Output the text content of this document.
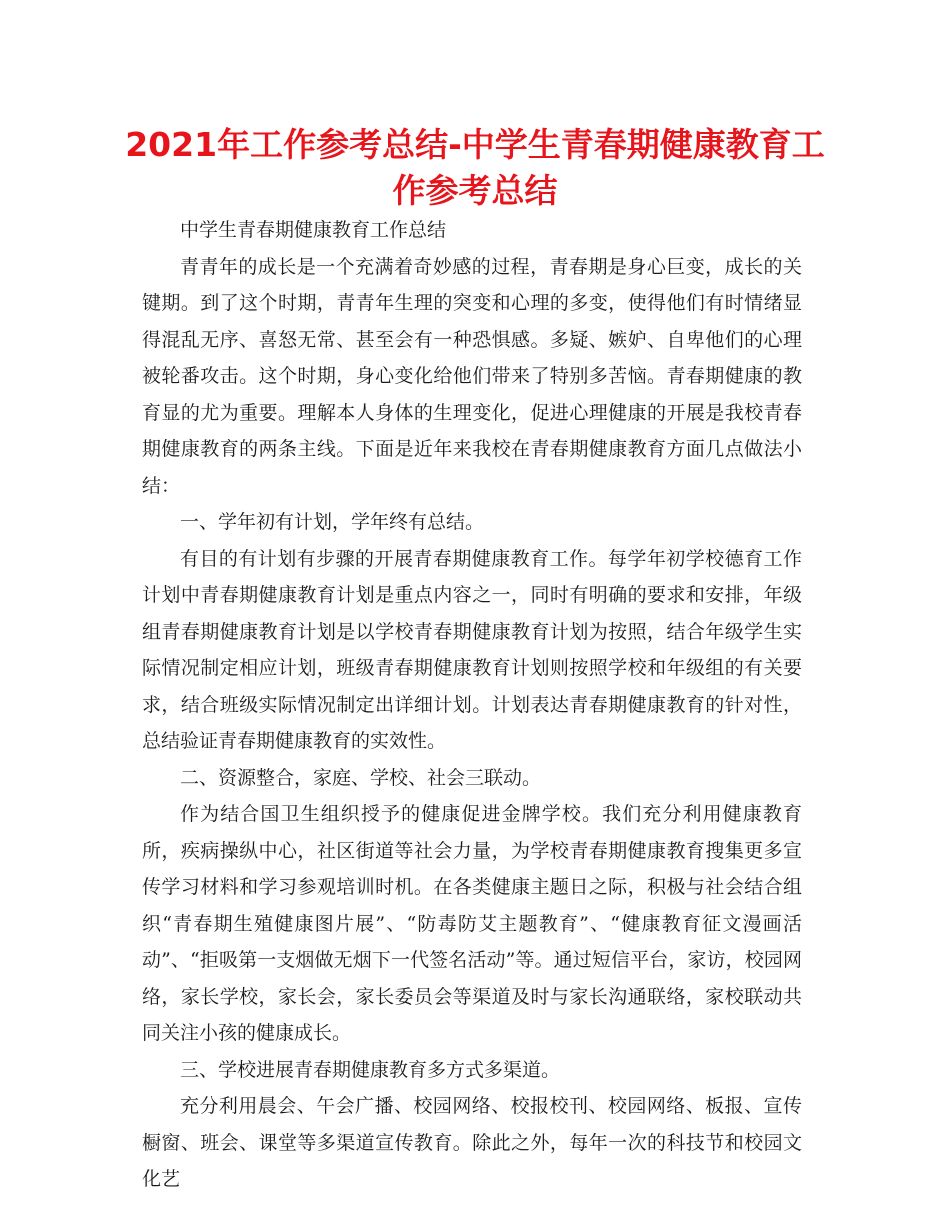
2021年工作参考总结-中学生青春期健康教育工作参考总结

中学生青春期健康教育工作总结

青青年的成长是一个充满着奇妙感的过程，青春期是身心巨变，成长的关键期。到了这个时期，青青年生理的突变和心理的多变，使得他们有时情绪显得混乱无序、喜怒无常、甚至会有一种恐惧感。多疑、嫉妒、自卑他们的心理被轮番攻击。这个时期，身心变化给他们带来了特别多苦恼。青春期健康的教育显的尤为重要。理解本人身体的生理变化，促进心理健康的开展是我校青春期健康教育的两条主线。下面是近年来我校在青春期健康教育方面几点做法小结：

一、学年初有计划，学年终有总结。

有目的有计划有步骤的开展青春期健康教育工作。每学年初学校德育工作计划中青春期健康教育计划是重点内容之一，同时有明确的要求和安排，年级组青春期健康教育计划是以学校青春期健康教育计划为按照，结合年级学生实际情况制定相应计划，班级青春期健康教育计划则按照学校和年级组的有关要求，结合班级实际情况制定出详细计划。计划表达青春期健康教育的针对性，总结验证青春期健康教育的实效性。

二、资源整合，家庭、学校、社会三联动。

作为结合国卫生组织授予的健康促进金牌学校。我们充分利用健康教育所，疾病操纵中心，社区街道等社会力量，为学校青春期健康教育搜集更多宣传学习材料和学习参观培训时机。在各类健康主题日之际，积极与社会结合组织“青春期生殖健康图片展”、“防毒防艾主题教育”、“健康教育征文漫画活动”、“拒吸第一支烟做无烟下一代签名活动”等。通过短信平台，家访，校园网络，家长学校，家长会，家长委员会等渠道及时与家长沟通联络，家校联动共同关注小孩的健康成长。

三、学校进展青春期健康教育多方式多渠道。

充分利用晨会、午会广播、校园网络、校报校刊、校园网络、板报、宣传橱窗、班会、课堂等多渠道宣传教育。除此之外，每年一次的科技节和校园文化艺
